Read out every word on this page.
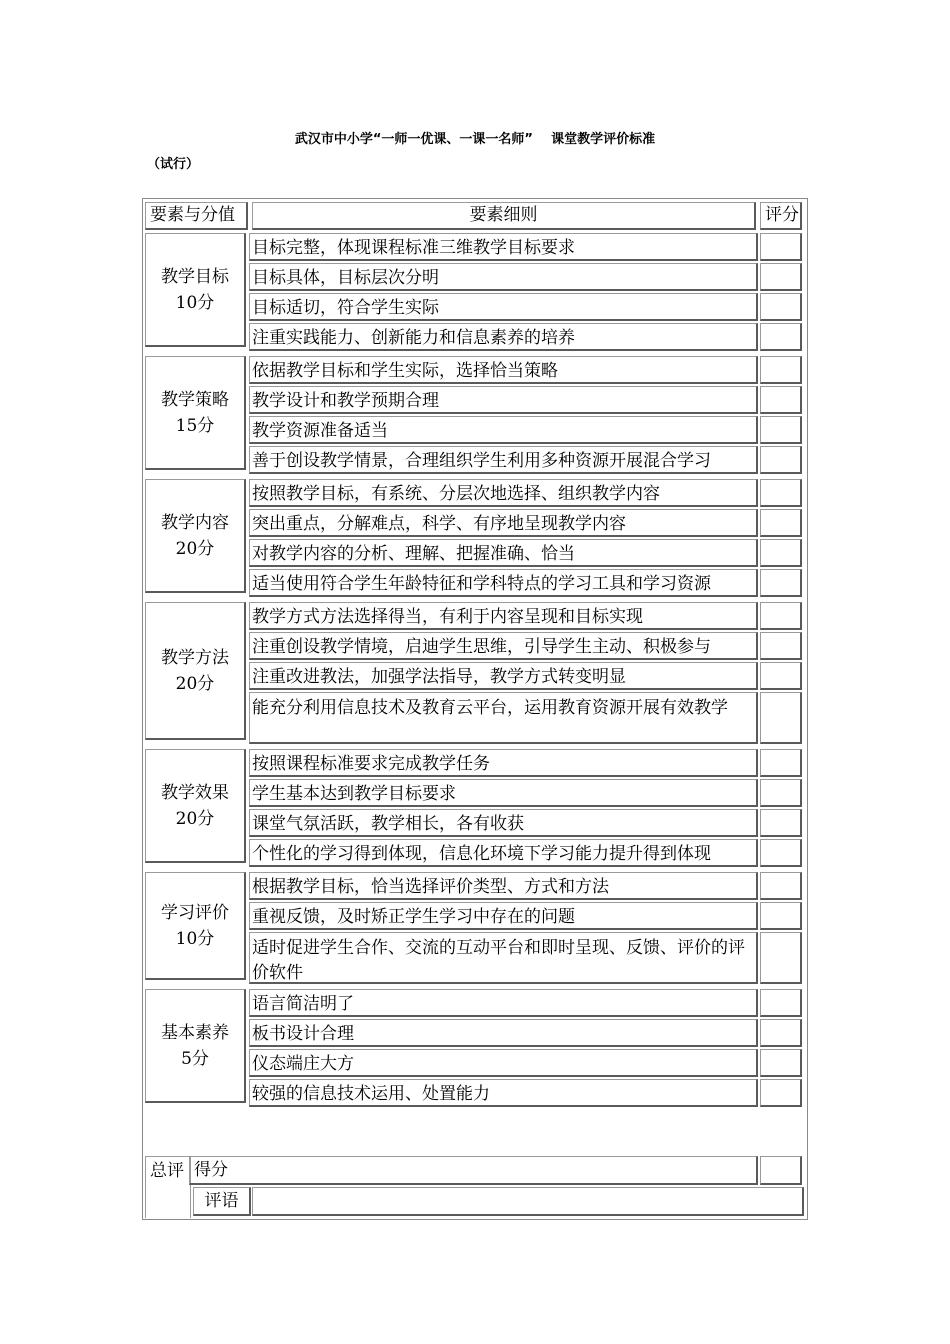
武汉市中小学“一师一优课、一课一名师”    课堂教学评价标准
（试行）
要素与分值	要素细则	评分
目标完整，体现课程标准三维教学目标要求
目标具体，目标层次分明
目标适切，符合学生实际
注重实践能力、创新能力和信息素养的培养
教学目标
10分
依据教学目标和学生实际，选择恰当策略
教学设计和教学预期合理
教学资源准备适当
善于创设教学情景，合理组织学生利用多种资源开展混合学习
教学策略
15分
按照教学目标，有系统、分层次地选择、组织教学内容
突出重点，分解难点，科学、有序地呈现教学内容
对教学内容的分析、理解、把握准确、恰当
适当使用符合学生年龄特征和学科特点的学习工具和学习资源
教学内容
20分
教学方式方法选择得当，有利于内容呈现和目标实现
注重创设教学情境，启迪学生思维，引导学生主动、积极参与
注重改进教法，加强学法指导，教学方式转变明显
能充分利用信息技术及教育云平台，运用教育资源开展有效教学
教学方法
20分
按照课程标准要求完成教学任务
学生基本达到教学目标要求
课堂气氛活跃，教学相长，各有收获
个性化的学习得到体现，信息化环境下学习能力提升得到体现
教学效果
20分
根据教学目标，恰当选择评价类型、方式和方法
重视反馈，及时矫正学生学习中存在的问题
适时促进学生合作、交流的互动平台和即时呈现、反馈、评价的评价软件
学习评价
10分
语言简洁明了
板书设计合理
仪态端庄大方
较强的信息技术运用、处置能力
基本素养
5分
总评 得分
评语
